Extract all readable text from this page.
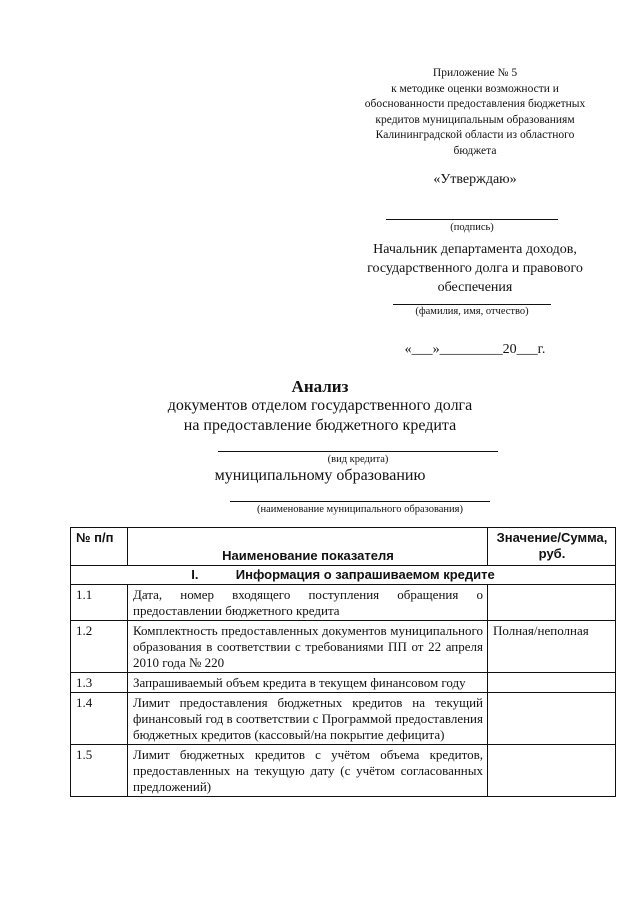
Приложение № 5
к методике оценки возможности и
обоснованности предоставления бюджетных
кредитов муниципальным образованиям
Калининградской области из областного
бюджета
«Утверждаю»
(подпись)
Начальник департамента доходов,
государственного долга и правового
обеспечения
(фамилия, имя, отчество)
«___»_________20___г.
Анализ
документов отделом государственного долга
на предоставление бюджетного кредита
(вид кредита)
муниципальному образованию
(наименование муниципального образования)
№ п/п	Наименование показателя	Значение/Сумма, руб.
I. Информация о запрашиваемом кредите		
1.1	Дата, номер входящего поступления обращения о предоставлении бюджетного кредита	
1.2	Комплектность предоставленных документов муниципального образования в соответствии с требованиями ПП от 22 апреля 2010 года № 220	Полная/неполная
1.3	Запрашиваемый объем кредита в текущем финансовом году	
1.4	Лимит предоставления бюджетных кредитов на текущий финансовый год в соответствии с Программой предоставления бюджетных кредитов (кассовый/на покрытие дефицита)	
1.5	Лимит бюджетных кредитов с учётом объема кредитов, предоставленных на текущую дату (с учётом согласованных предложений)	
